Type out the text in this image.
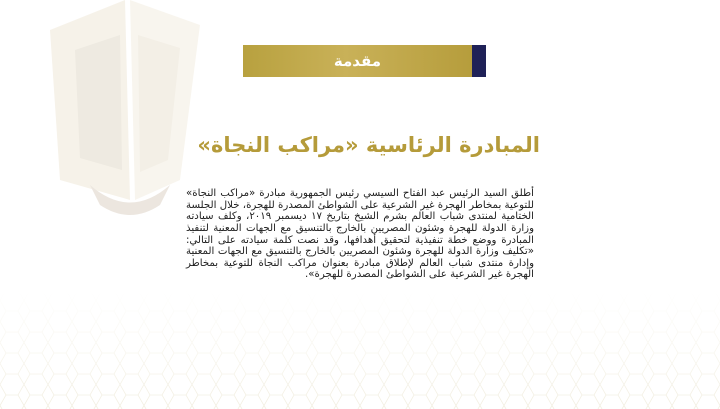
مقدمة
المبادرة الرئاسية «مراكب النجاة»

أطلق السيد الرئيس عبد الفتاح السيسي رئيس الجمهورية مبادرة «مراكب النجاة» للتوعية بمخاطر الهجرة غير الشرعية على الشواطئ المصدرة للهجرة، خلال الجلسة الختامية لمنتدى شباب العالم بشرم الشيخ بتاريخ ١٧ ديسمبر ٢٠١٩، وكلف سيادته وزارة الدولة للهجرة وشئون المصريين بالخارج بالتنسيق مع الجهات المعنية لتنفيذ المبادرة ووضع خطة تنفيذية لتحقيق أهدافها، وقد نصت كلمة سيادته على التالي: «تكليف وزارة الدولة للهجرة وشئون المصريين بالخارج بالتنسيق مع الجهات المعنية وإدارة منتدى شباب العالم لإطلاق مبادرة بعنوان مراكب النجاة للتوعية بمخاطر الهجرة غير الشرعية على الشواطئ المصدرة للهجرة».
